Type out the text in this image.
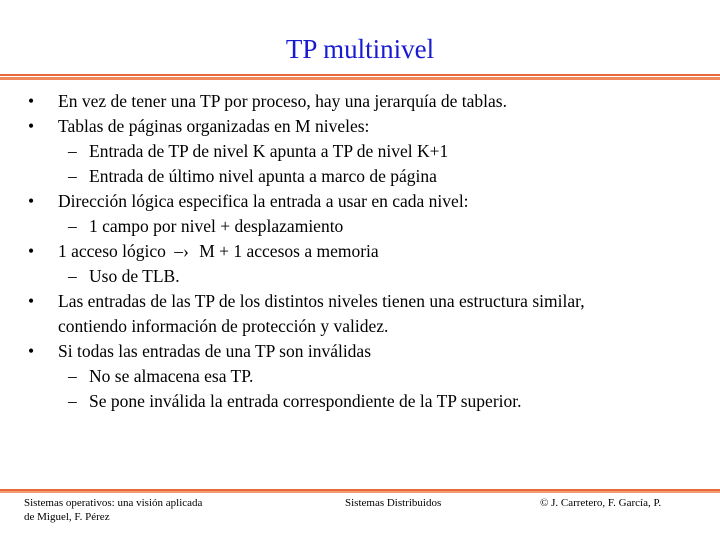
TP multinivel
• En vez de tener una TP por proceso, hay una jerarquía de tablas.
• Tablas de páginas organizadas en M niveles:
– Entrada de TP de nivel K apunta a TP de nivel K+1
– Entrada de último nivel apunta a marco de página
• Dirección lógica especifica la entrada a usar en cada nivel:
– 1 campo por nivel + desplazamiento
• 1 acceso lógico –› M + 1 accesos a memoria
– Uso de TLB.
• Las entradas de las TP de los distintos niveles tienen una estructura similar,
contiendo información de protección y validez.
• Si todas las entradas de una TP son inválidas
– No se almacena esa TP.
– Se pone inválida la entrada correspondiente de la TP superior.
Sistemas operativos: una visión aplicada
de Miguel, F. Pérez
Sistemas Distribuidos	© J. Carretero, F. García, P.
